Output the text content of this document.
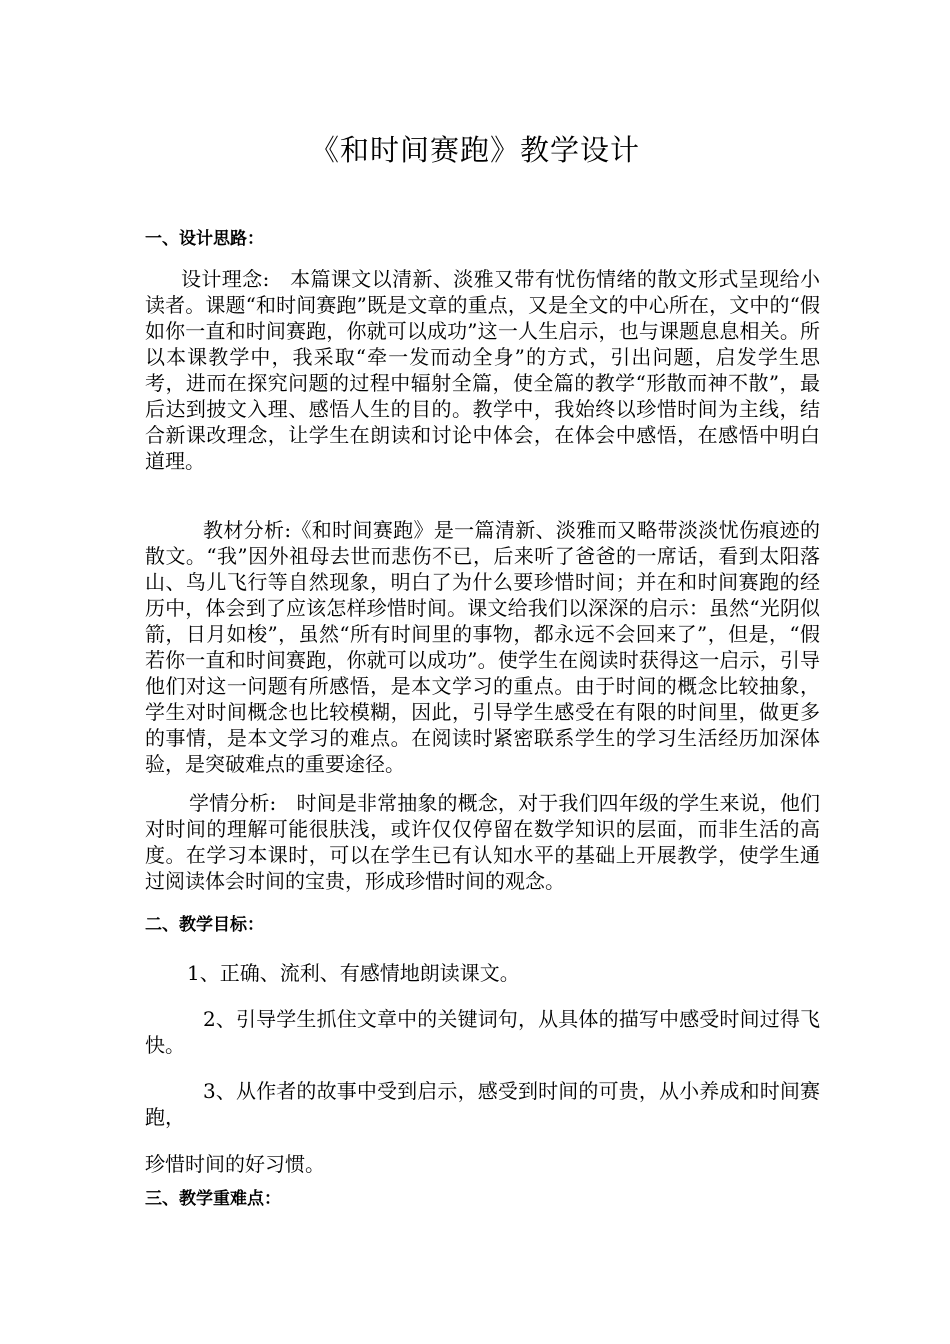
《和时间赛跑》教学设计
一、设计思路：
设计理念:　本篇课文以清新、淡雅又带有忧伤情绪的散文形式呈现给小读者。课题“和时间赛跑”既是文章的重点，又是全文的中心所在，文中的“假如你一直和时间赛跑，你就可以成功”这一人生启示，也与课题息息相关。所以本课教学中，我采取“牵一发而动全身”的方式，引出问题，启发学生思考，进而在探究问题的过程中辐射全篇，使全篇的教学“形散而神不散”，最后达到披文入理、感悟人生的目的。教学中，我始终以珍惜时间为主线，结合新课改理念，让学生在朗读和讨论中体会，在体会中感悟，在感悟中明白道理。
教材分析:《和时间赛跑》是一篇清新、淡雅而又略带淡淡忧伤痕迹的散文。“我”因外祖母去世而悲伤不已，后来听了爸爸的一席话，看到太阳落山、鸟儿飞行等自然现象，明白了为什么要珍惜时间；并在和时间赛跑的经历中，体会到了应该怎样珍惜时间。课文给我们以深深的启示：虽然“光阴似箭，日月如梭”，虽然“所有时间里的事物，都永远不会回来了”，但是，“假若你一直和时间赛跑，你就可以成功”。使学生在阅读时获得这一启示，引导他们对这一问题有所感悟，是本文学习的重点。由于时间的概念比较抽象，学生对时间概念也比较模糊，因此，引导学生感受在有限的时间里，做更多的事情，是本文学习的难点。在阅读时紧密联系学生的学习生活经历加深体验，是突破难点的重要途径。
学情分析:　时间是非常抽象的概念，对于我们四年级的学生来说，他们对时间的理解可能很肤浅，或许仅仅停留在数学知识的层面，而非生活的高度。在学习本课时，可以在学生已有认知水平的基础上开展教学，使学生通过阅读体会时间的宝贵，形成珍惜时间的观念。
二、教学目标：
1、正确、流利、有感情地朗读课文。
2、引导学生抓住文章中的关键词句，从具体的描写中感受时间过得飞快。
3、从作者的故事中受到启示，感受到时间的可贵，从小养成和时间赛跑，
珍惜时间的好习惯。
三、教学重难点：
